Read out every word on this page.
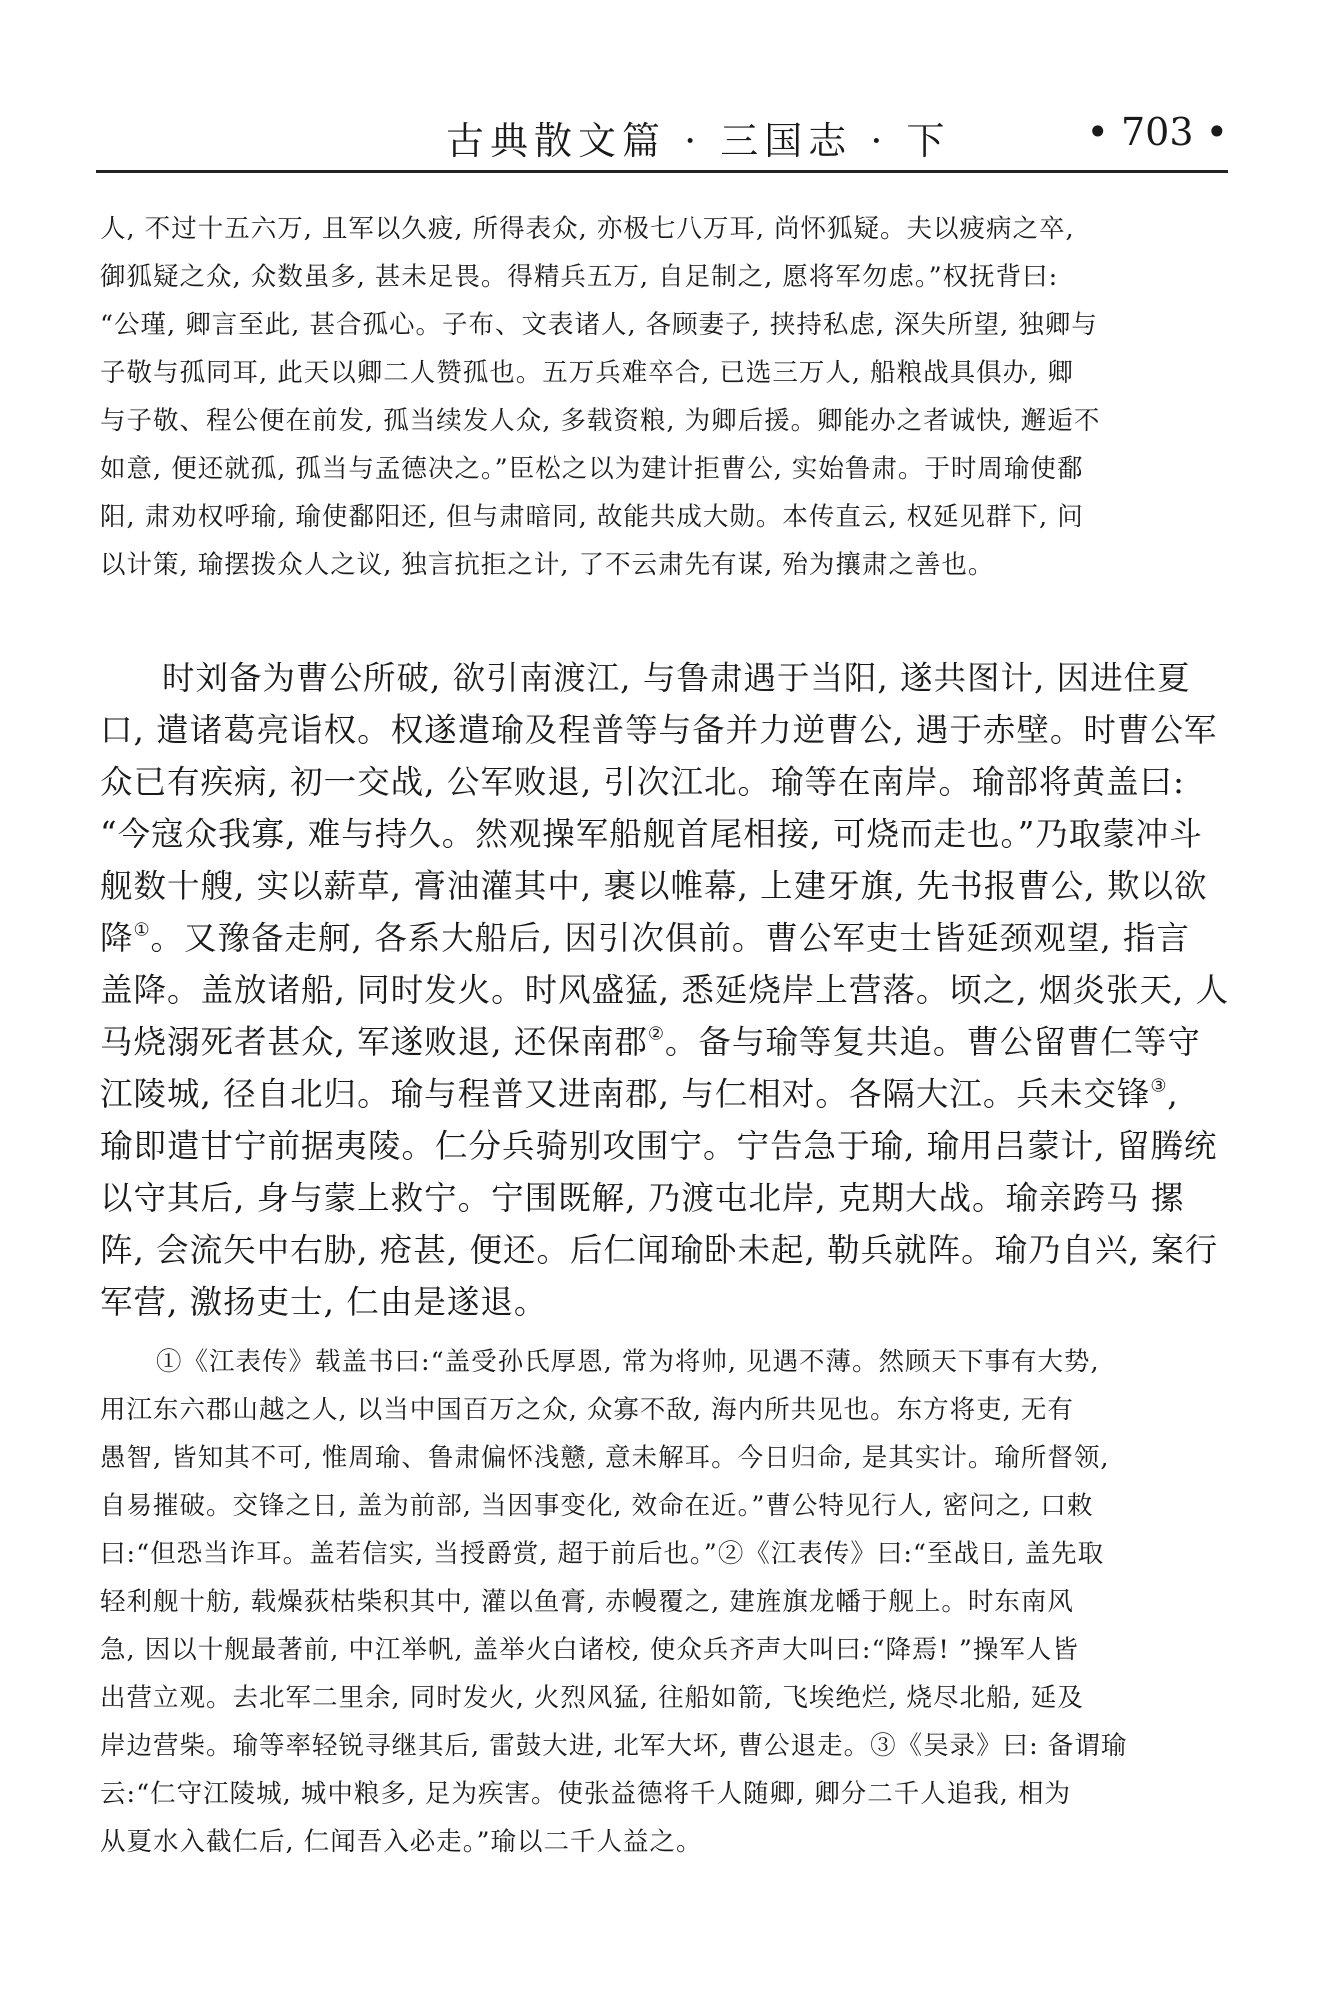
古典散文篇 · 三国志 · 下	• 703 •
人, 不过十五六万, 且军以久疲, 所得表众, 亦极七八万耳, 尚怀狐疑。夫以疲病之卒,
御狐疑之众, 众数虽多, 甚未足畏。得精兵五万, 自足制之, 愿将军勿虑。”权抚背曰:
“公瑾, 卿言至此, 甚合孤心。子布、文表诸人, 各顾妻子, 挟持私虑, 深失所望, 独卿与
子敬与孤同耳, 此天以卿二人赞孤也。五万兵难卒合, 已选三万人, 船粮战具俱办, 卿
与子敬、程公便在前发, 孤当续发人众, 多载资粮, 为卿后援。卿能办之者诚快, 邂逅不
如意, 便还就孤, 孤当与孟德决之。”臣松之以为建计拒曹公, 实始鲁肃。于时周瑜使鄱
阳, 肃劝权呼瑜, 瑜使鄱阳还, 但与肃暗同, 故能共成大勋。本传直云, 权延见群下, 问
以计策, 瑜摆拨众人之议, 独言抗拒之计, 了不云肃先有谋, 殆为攘肃之善也。
时刘备为曹公所破, 欲引南渡江, 与鲁肃遇于当阳, 遂共图计, 因进住夏
口, 遣诸葛亮诣权。权遂遣瑜及程普等与备并力逆曹公, 遇于赤壁。时曹公军
众已有疾病, 初一交战, 公军败退, 引次江北。瑜等在南岸。瑜部将黄盖曰:
“今寇众我寡, 难与持久。然观操军船舰首尾相接, 可烧而走也。”乃取蒙冲斗
舰数十艘, 实以薪草, 膏油灌其中, 裹以帷幕, 上建牙旗, 先书报曹公, 欺以欲
降①。又豫备走舸, 各系大船后, 因引次俱前。曹公军吏士皆延颈观望, 指言
盖降。盖放诸船, 同时发火。时风盛猛, 悉延烧岸上营落。顷之, 烟炎张天, 人
马烧溺死者甚众, 军遂败退, 还保南郡②。备与瑜等复共追。曹公留曹仁等守
江陵城, 径自北归。瑜与程普又进南郡, 与仁相对。各隔大江。兵未交锋③,
瑜即遣甘宁前据夷陵。仁分兵骑别攻围宁。宁告急于瑜, 瑜用吕蒙计, 留腾统
以守其后, 身与蒙上救宁。宁围既解, 乃渡屯北岸, 克期大战。瑜亲跨马 摞
阵, 会流矢中右胁, 疮甚, 便还。后仁闻瑜卧未起, 勒兵就阵。瑜乃自兴, 案行
军营, 激扬吏士, 仁由是遂退。
①《江表传》载盖书曰:“盖受孙氏厚恩, 常为将帅, 见遇不薄。然顾天下事有大势,
用江东六郡山越之人, 以当中国百万之众, 众寡不敌, 海内所共见也。东方将吏, 无有
愚智, 皆知其不可, 惟周瑜、鲁肃偏怀浅戆, 意未解耳。今日归命, 是其实计。瑜所督领,
自易摧破。交锋之日, 盖为前部, 当因事变化, 效命在近。”曹公特见行人, 密问之, 口敕
曰:“但恐当诈耳。盖若信实, 当授爵赏, 超于前后也。”②《江表传》曰:“至战日, 盖先取
轻利舰十舫, 载燥荻枯柴积其中, 灌以鱼膏, 赤幔覆之, 建旌旗龙幡于舰上。时东南风
急, 因以十舰最著前, 中江举帆, 盖举火白诸校, 使众兵齐声大叫曰:“降焉! ”操军人皆
出营立观。去北军二里余, 同时发火, 火烈风猛, 往船如箭, 飞埃绝烂, 烧尽北船, 延及
岸边营柴。瑜等率轻锐寻继其后, 雷鼓大进, 北军大坏, 曹公退走。③《吴录》曰: 备谓瑜
云:“仁守江陵城, 城中粮多, 足为疾害。使张益德将千人随卿, 卿分二千人追我, 相为
从夏水入截仁后, 仁闻吾入必走。”瑜以二千人益之。
